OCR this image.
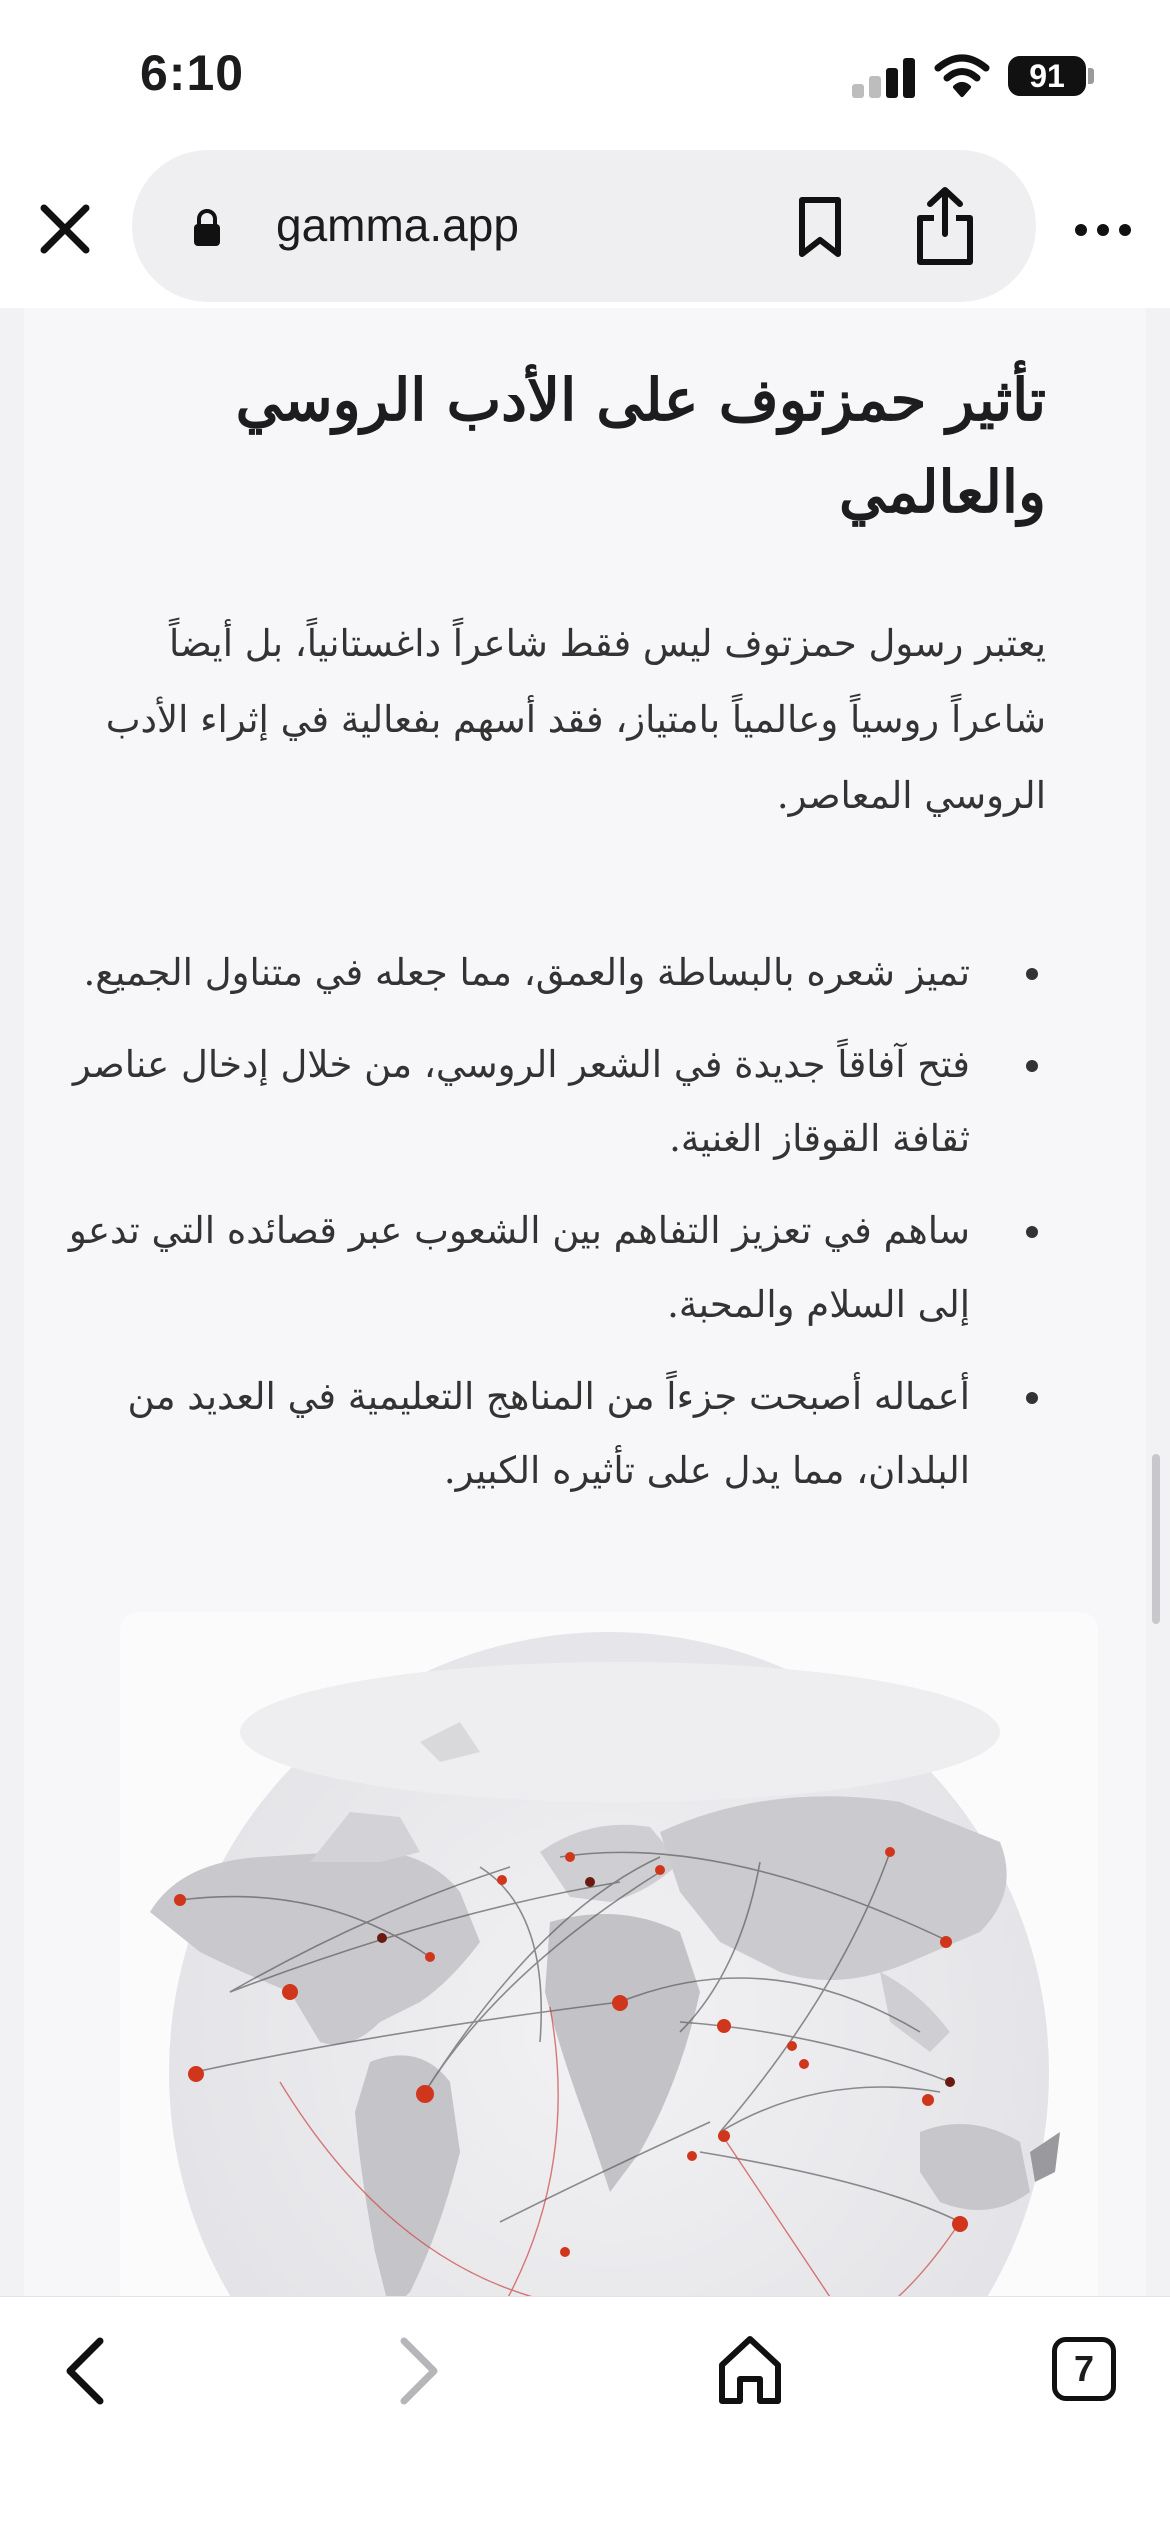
6:10	91
gamma.app
تأثير حمزتوف على الأدب الروسي والعالمي
يعتبر رسول حمزتوف ليس فقط شاعراً داغستانياً، بل أيضاً شاعراً روسياً وعالمياً بامتياز، فقد أسهم بفعالية في إثراء الأدب الروسي المعاصر.
تميز شعره بالبساطة والعمق، مما جعله في متناول الجميع.
فتح آفاقاً جديدة في الشعر الروسي، من خلال إدخال عناصر ثقافة القوقاز الغنية.
ساهم في تعزيز التفاهم بين الشعوب عبر قصائده التي تدعو إلى السلام والمحبة.
أعماله أصبحت جزءاً من المناهج التعليمية في العديد من البلدان، مما يدل على تأثيره الكبير.
7
